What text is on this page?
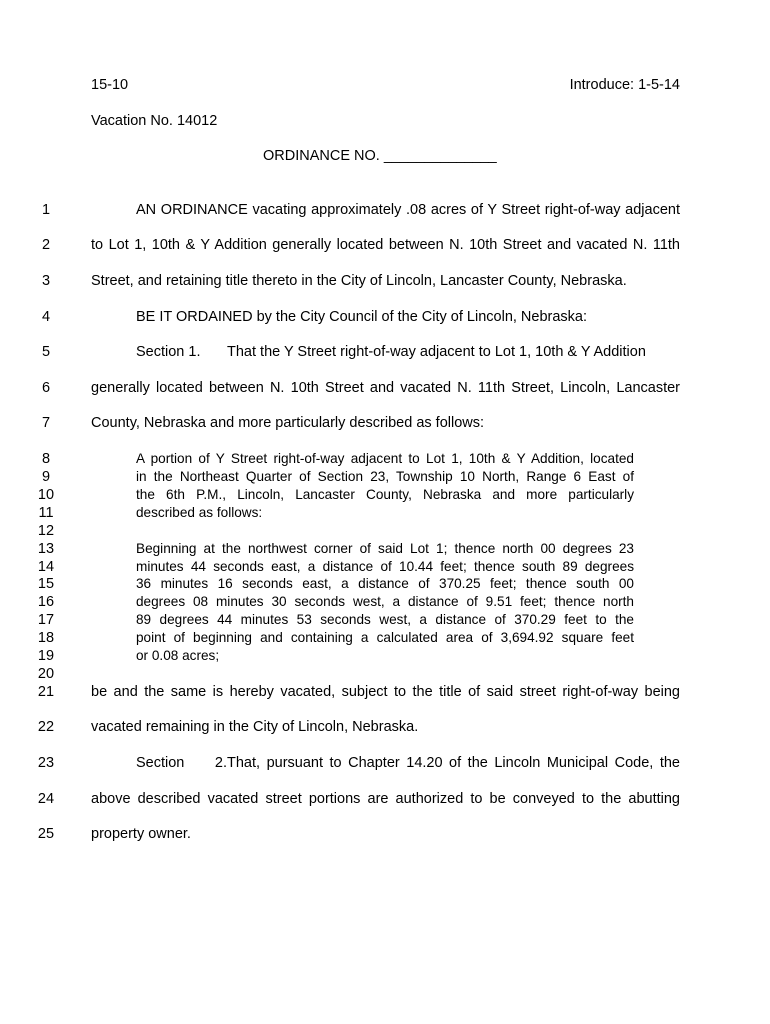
15-10	Introduce: 1-5-14
Vacation No. 14012
ORDINANCE NO. ______________
1
2
3
4
5
6
7
8
9
10
11
12
13
14
15
16
17
18
19
20
21
22
23
24
25
AN ORDINANCE vacating approximately .08 acres of Y Street right-of-way adjacent
to Lot 1, 10th & Y Addition generally located between N. 10th Street and vacated N. 11th
Street, and retaining title thereto in the City of Lincoln, Lancaster County, Nebraska.
BE IT ORDAINED by the City Council of the City of Lincoln, Nebraska:
Section 1. That the Y Street right-of-way adjacent to Lot 1, 10th & Y Addition
generally located between N. 10th Street and vacated N. 11th Street, Lincoln, Lancaster
County, Nebraska and more particularly described as follows:
A portion of Y Street right-of-way adjacent to Lot 1, 10th & Y Addition, located
in the Northeast Quarter of Section 23, Township 10 North, Range 6 East of
the 6th P.M., Lincoln, Lancaster County, Nebraska and more particularly
described as follows:
Beginning at the northwest corner of said Lot 1; thence north 00 degrees 23
minutes 44 seconds east, a distance of 10.44 feet; thence south 89 degrees
36 minutes 16 seconds east, a distance of 370.25 feet; thence south 00
degrees 08 minutes 30 seconds west, a distance of 9.51 feet; thence north
89 degrees 44 minutes 53 seconds west, a distance of 370.29 feet to the
point of beginning and containing a calculated area of 3,694.92 square feet
or 0.08 acres;
be and the same is hereby vacated, subject to the title of said street right-of-way being
vacated remaining in the City of Lincoln, Nebraska.
Section 2.That, pursuant to Chapter 14.20 of the Lincoln Municipal Code, the
above described vacated street portions are authorized to be conveyed to the abutting
property owner.
